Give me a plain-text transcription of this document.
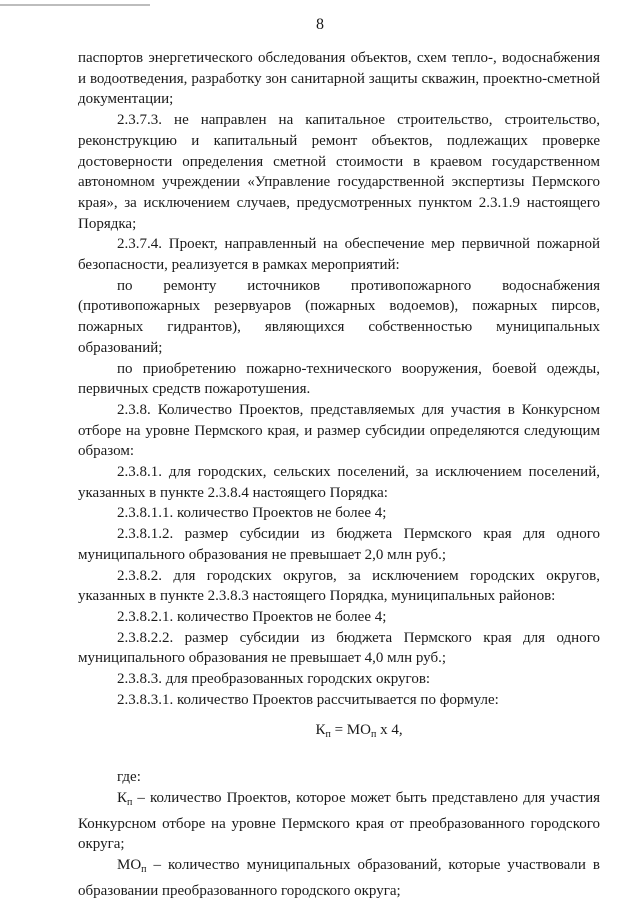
8

паспортов энергетического обследования объектов, схем тепло-, водоснабжения и водоотведения, разработку зон санитарной защиты скважин, проектно-сметной документации;

2.3.7.3. не направлен на капитальное строительство, строительство, реконструкцию и капитальный ремонт объектов, подлежащих проверке достоверности определения сметной стоимости в краевом государственном автономном учреждении «Управление государственной экспертизы Пермского края», за исключением случаев, предусмотренных пунктом 2.3.1.9 настоящего Порядка;

2.3.7.4. Проект, направленный на обеспечение мер первичной пожарной безопасности, реализуется в рамках мероприятий:

по ремонту источников противопожарного водоснабжения (противопожарных резервуаров (пожарных водоемов), пожарных пирсов, пожарных гидрантов), являющихся собственностью муниципальных образований;

по приобретению пожарно-технического вооружения, боевой одежды, первичных средств пожаротушения.

2.3.8. Количество Проектов, представляемых для участия в Конкурсном отборе на уровне Пермского края, и размер субсидии определяются следующим образом:

2.3.8.1. для городских, сельских поселений, за исключением поселений, указанных в пункте 2.3.8.4 настоящего Порядка:

2.3.8.1.1. количество Проектов не более 4;

2.3.8.1.2. размер субсидии из бюджета Пермского края для одного муниципального образования не превышает 2,0 млн руб.;

2.3.8.2. для городских округов, за исключением городских округов, указанных в пункте 2.3.8.3 настоящего Порядка, муниципальных районов:

2.3.8.2.1. количество Проектов не более 4;

2.3.8.2.2. размер субсидии из бюджета Пермского края для одного муниципального образования не превышает 4,0 млн руб.;

2.3.8.3. для преобразованных городских округов:

2.3.8.3.1. количество Проектов рассчитывается по формуле:

$К_п = МО_п$ х 4,

где:

$К_п$ – количество Проектов, которое может быть представлено для участия Конкурсном отборе на уровне Пермского края от преобразованного городского округа;

$МО_п$ – количество муниципальных образований, которые участвовали в образовании преобразованного городского округа;
